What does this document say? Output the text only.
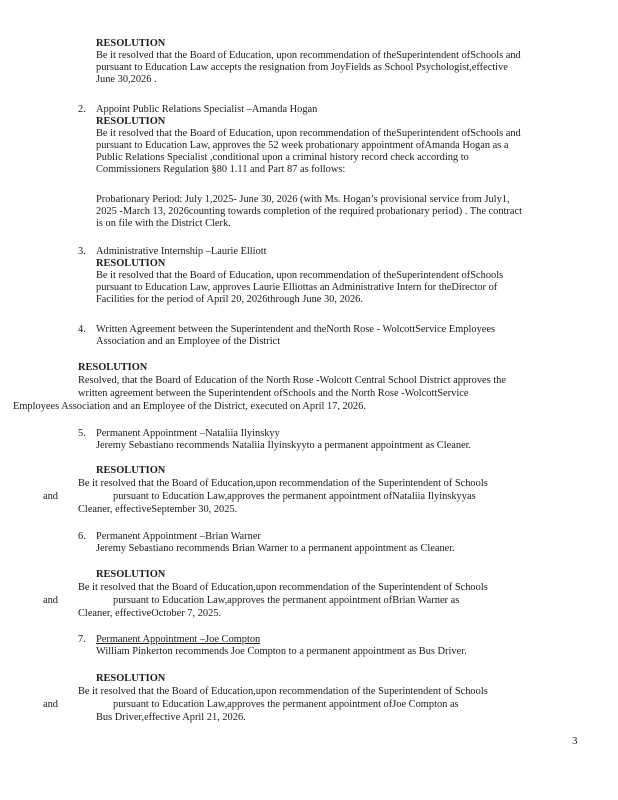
RESOLUTION
Be it resolved that the Board of Education, upon recommendation of theSuperintendent ofSchools and
pursuant to Education Law accepts the resignation from JoyFields as School Psychologist,effective
June 30,2026 .
2. Appoint Public Relations Specialist –Amanda Hogan
RESOLUTION
Be it resolved that the Board of Education, upon recommendation of theSuperintendent ofSchools and
pursuant to Education Law, approves the 52 week probationary appointment ofAmanda Hogan as a
Public Relations Specialist ,conditional upon a criminal history record check according to
Commissioners Regulation §80 1.11 and Part 87 as follows:
Probationary Period: July 1,2025- June 30, 2026 (with Ms. Hogan’s provisional service from July1,
2025 -March 13, 2026counting towards completion of the required probationary period) . The contract
is on file with the District Clerk.
3. Administrative Internship –Laurie Elliott
RESOLUTION
Be it resolved that the Board of Education, upon recommendation of theSuperintendent ofSchools
pursuant to Education Law, approves Laurie Elliottas an Administrative Intern for theDirector of
Facilities for the period of April 20, 2026through June 30, 2026.
4. Written Agreement between the Superintendent and theNorth Rose - WolcottService Employees
Association and an Employee of the District
RESOLUTION
Resolved, that the Board of Education of the North Rose -Wolcott Central School District approves the
written agreement between the Superintendent ofSchools and the North Rose -WolcottService
Employees Association and an Employee of the District, executed on April 17, 2026.
5. Permanent Appointment –Nataliia Ilyinskyy
Jeremy Sebastiano recommends Nataliia Ilyinskyyto a permanent appointment as Cleaner.
RESOLUTION
Be it resolved that the Board of Education,upon recommendation of the Superintendent of Schools
and	pursuant to Education Law,approves the permanent appointment ofNataliia Ilyinskyyas
Cleaner, effectiveSeptember 30, 2025.
6. Permanent Appointment –Brian Warner
Jeremy Sebastiano recommends Brian Warner to a permanent appointment as Cleaner.
RESOLUTION
Be it resolved that the Board of Education,upon recommendation of the Superintendent of Schools
and	pursuant to Education Law,approves the permanent appointment ofBrian Warner as
Cleaner, effectiveOctober 7, 2025.
7. Permanent Appointment –Joe Compton
William Pinkerton recommends Joe Compton to a permanent appointment as Bus Driver.
RESOLUTION
Be it resolved that the Board of Education,upon recommendation of the Superintendent of Schools
and	pursuant to Education Law,approves the permanent appointment ofJoe Compton as
Bus Driver,effective April 21, 2026.
3
